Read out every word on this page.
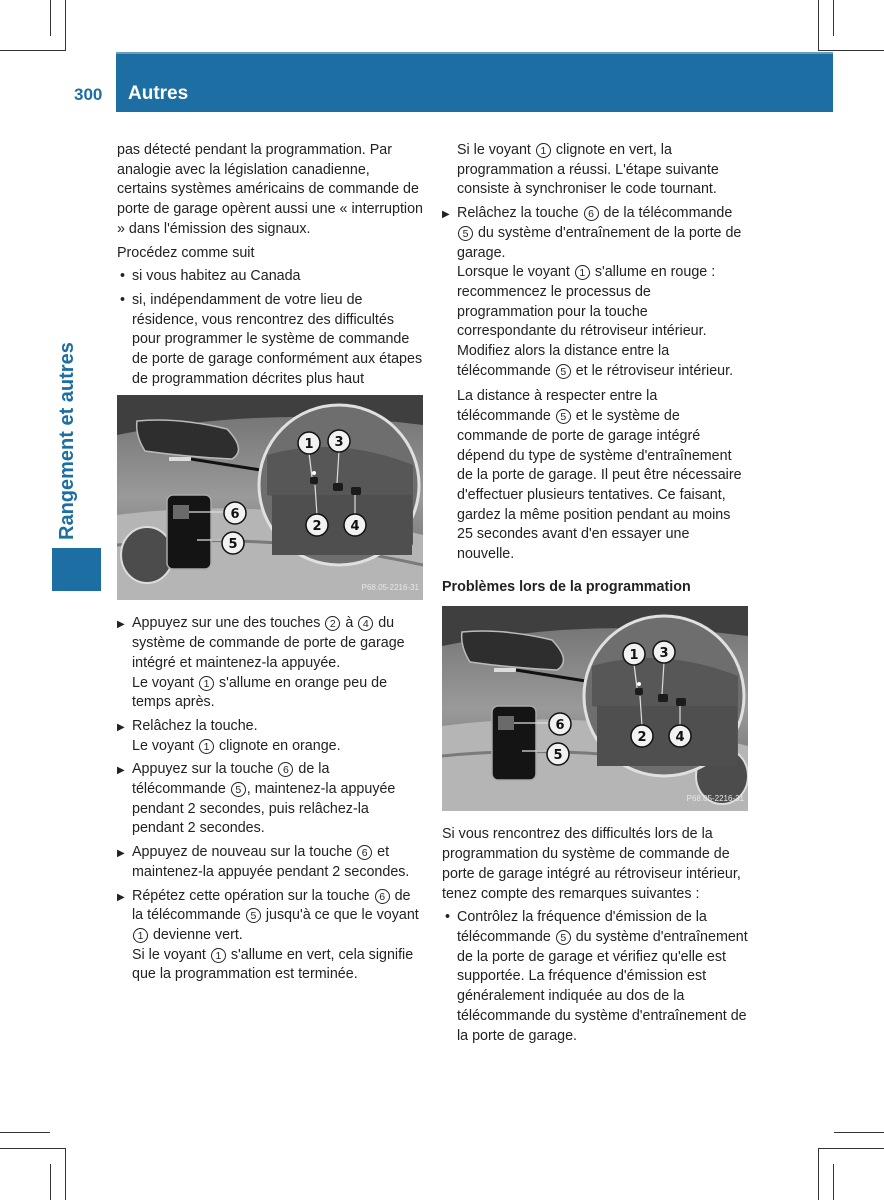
300 Autres
Rangement et autres

pas détecté pendant la programmation. Par analogie avec la législation canadienne, certains systèmes américains de commande de porte de garage opèrent aussi une « interruption » dans l'émission des signaux.

Procédez comme suit

• si vous habitez au Canada

• si, indépendamment de votre lieu de résidence, vous rencontrez des difficultés pour programmer le système de commande de porte de garage conformément aux étapes de programmation décrites plus haut

1 3
2 4
6
5
P68.05-2216-31

▶ Appuyez sur une des touches 2 à 4 du système de commande de porte de garage intégré et maintenez-la appuyée.
Le voyant 1 s'allume en orange peu de temps après.

▶ Relâchez la touche.
Le voyant 1 clignote en orange.

▶ Appuyez sur la touche 6 de la télécommande 5 , maintenez-la appuyée pendant 2 secondes, puis relâchez-la pendant 2 secondes.

▶ Appuyez de nouveau sur la touche 6 et maintenez-la appuyée pendant 2 secondes.

▶ Répétez cette opération sur la touche 6 de la télécommande 5 jusqu'à ce que le voyant 1 devienne vert.
Si le voyant 1 s'allume en vert, cela signifie que la programmation est terminée.

Si le voyant 1 clignote en vert, la programmation a réussi. L'étape suivante consiste à synchroniser le code tournant.

▶ Relâchez la touche 6 de la télécommande 5 du système d'entraînement de la porte de garage.
Lorsque le voyant 1 s'allume en rouge : recommencez le processus de programmation pour la touche correspondante du rétroviseur intérieur. Modifiez alors la distance entre la télécommande 5 et le rétroviseur intérieur.

La distance à respecter entre la télécommande 5 et le système de commande de porte de garage intégré dépend du type de système d'entraînement de la porte de garage. Il peut être nécessaire d'effectuer plusieurs tentatives. Ce faisant, gardez la même position pendant au moins 25 secondes avant d'en essayer une nouvelle.

Problèmes lors de la programmation

1 3
2 4
6
5
P68.05-2216-31

Si vous rencontrez des difficultés lors de la programmation du système de commande de porte de garage intégré au rétroviseur intérieur, tenez compte des remarques suivantes :

• Contrôlez la fréquence d'émission de la télécommande 5 du système d'entraînement de la porte de garage et vérifiez qu'elle est supportée. La fréquence d'émission est généralement indiquée au dos de la télécommande du système d'entraînement de la porte de garage.
